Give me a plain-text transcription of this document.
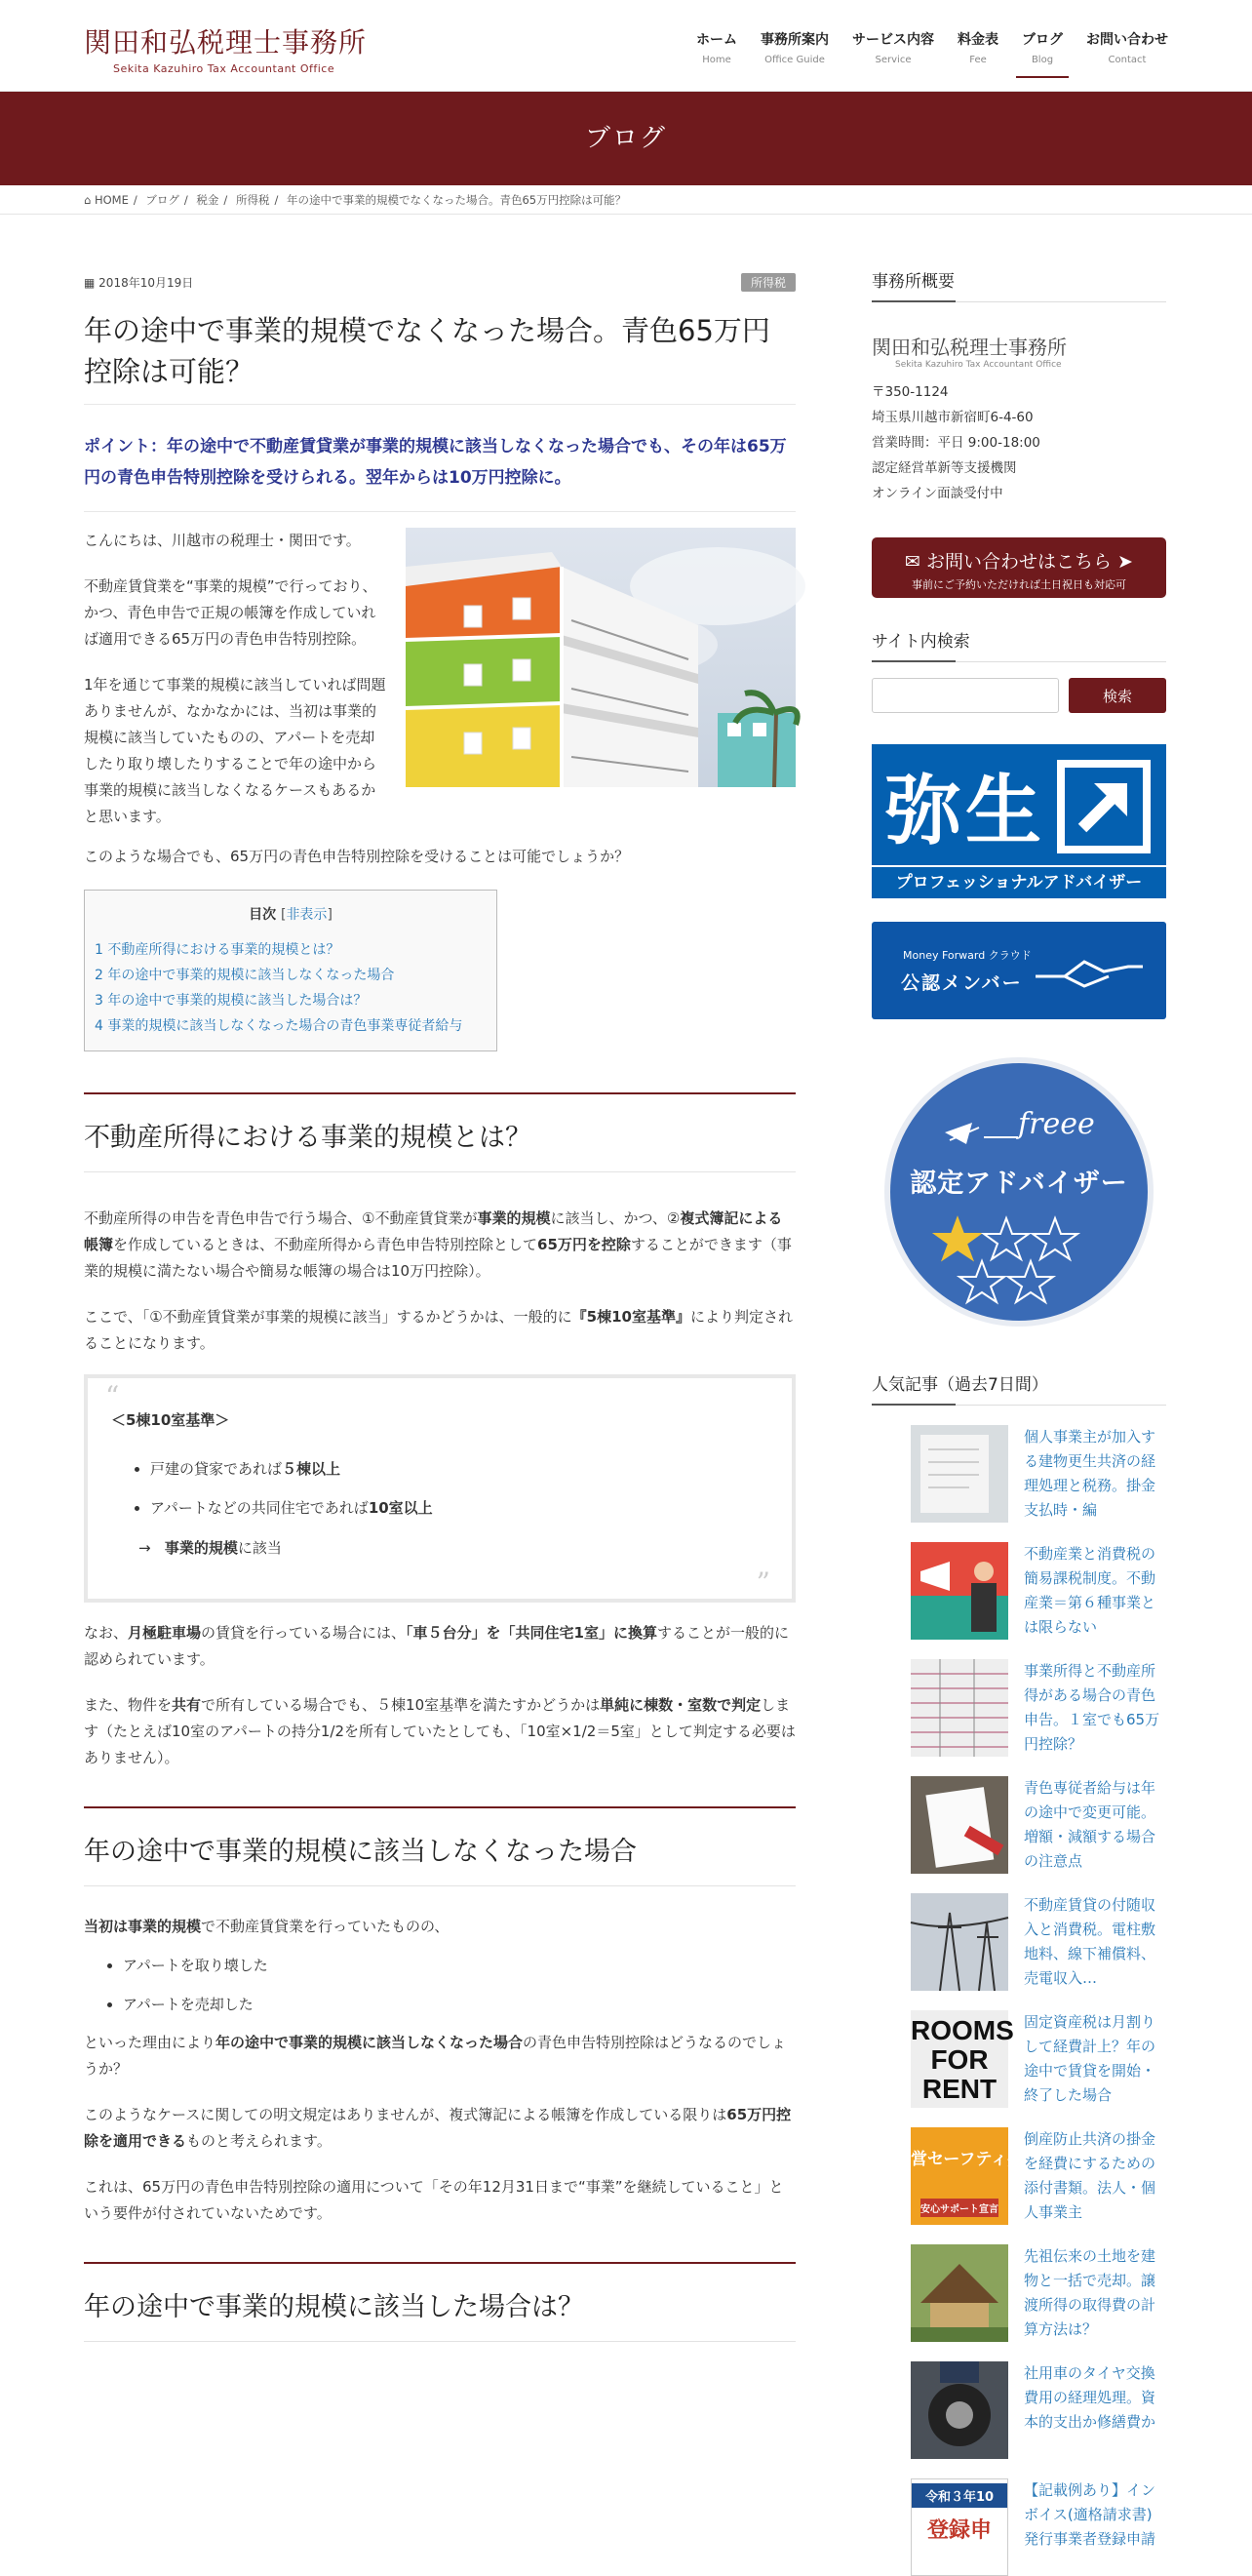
関田和弘税理士事務所
Sekita Kazuhiro Tax Accountant Office
ホーム
Home
事務所案内
Office Guide
サービス内容
Service
料金表
Fee
ブログ
Blog
お問い合わせ
Contact
ブログ
⌂ HOME / ブログ / 税金 / 所得税 / 年の途中で事業的規模でなくなった場合。青色65万円控除は可能？
▦ 2018年10月19日	所得税
年の途中で事業的規模でなくなった場合。青色65万円控除は可能？
ポイント：年の途中で不動産賃貸業が事業的規模に該当しなくなった場合でも、その年は65万円の青色申告特別控除を受けられる。翌年からは10万円控除に。

こんにちは、川越市の税理士・関田です。

不動産賃貸業を“事業的規模”で行っており、かつ、青色申告で正規の帳簿を作成していれば適用できる65万円の青色申告特別控除。

1年を通じて事業的規模に該当していれば問題ありませんが、なかなかには、当初は事業的規模に該当していたものの、アパートを売却したり取り壊したりすることで年の途中から事業的規模に該当しなくなるケースもあるかと思います。

このような場合でも、65万円の青色申告特別控除を受けることは可能でしょうか？

目次 [非表示]
1 不動産所得における事業的規模とは？
2 年の途中で事業的規模に該当しなくなった場合
3 年の途中で事業的規模に該当した場合は？
4 事業的規模に該当しなくなった場合の青色事業専従者給与
不動産所得における事業的規模とは？

不動産所得の申告を青色申告で行う場合、①不動産賃貸業が事業的規模に該当し、かつ、②複式簿記による帳簿を作成しているときは、不動産所得から青色申告特別控除として65万円を控除することができます（事業的規模に満たない場合や簡易な帳簿の場合は10万円控除）。

ここで、「①不動産賃貸業が事業的規模に該当」するかどうかは、一般的に『5棟10室基準』により判定されることになります。

“
＜5棟10室基準＞
• 戸建の貸家であれば５棟以上
• アパートなどの共同住宅であれば10室以上
→ 事業的規模に該当
”

なお、月極駐車場の賃貸を行っている場合には、「車５台分」を「共同住宅1室」に換算することが一般的に認められています。

また、物件を共有で所有している場合でも、５棟10室基準を満たすかどうかは単純に棟数・室数で判定します（たとえば10室のアパートの持分1/2を所有していたとしても、「10室×1/2＝5室」として判定する必要はありません）。

年の途中で事業的規模に該当しなくなった場合

当初は事業的規模で不動産賃貸業を行っていたものの、

• アパートを取り壊した
• アパートを売却した

といった理由により年の途中で事業的規模に該当しなくなった場合の青色申告特別控除はどうなるのでしょうか？

このようなケースに関しての明文規定はありませんが、複式簿記による帳簿を作成している限りは65万円控除を適用できるものと考えられます。

これは、65万円の青色申告特別控除の適用について「その年12月31日まで“事業”を継続していること」という要件が付されていないためです。

年の途中で事業的規模に該当した場合は？
事務所概要
関田和弘税理士事務所
Sekita Kazuhiro Tax Accountant Office
〒350-1124
埼玉県川越市新宿町6-4-60
営業時間：平日 9:00-18:00
認定経営革新等支援機関
オンライン面談受付中
✉ お問い合わせはこちら ➤
事前にご予約いただければ土日祝日も対応可
サイト内検索
検索
弥生
プロフェッショナルアドバイザー
Money Forward クラウド
公認メンバー
freee
認定アドバイザー
人気記事（過去7日間）
個人事業主が加入する建物更生共済の経理処理と税務。掛金支払時・編
不動産業と消費税の簡易課税制度。不動産業＝第６種事業とは限らない
事業所得と不動産所得がある場合の青色申告。１室でも65万円控除？
青色専従者給与は年の途中で変更可能。増額・減額する場合の注意点
不動産賃貸の付随収入と消費税。電柱敷地料、線下補償料、売電収入…
ROOMS
FOR
RENT
固定資産税は月割りして経費計上？年の途中で賃貸を開始・終了した場合
営セーフティ共
安心サポート宣言
倒産防止共済の掛金を経費にするための添付書類。法人・個人事業主
先祖伝来の土地を建物と一括で売却。譲渡所得の取得費の計算方法は？
社用車のタイヤ交換費用の経理処理。資本的支出か修繕費か
令和３年10
登録申
【記載例あり】インボイス(適格請求書)発行事業者登録申請
